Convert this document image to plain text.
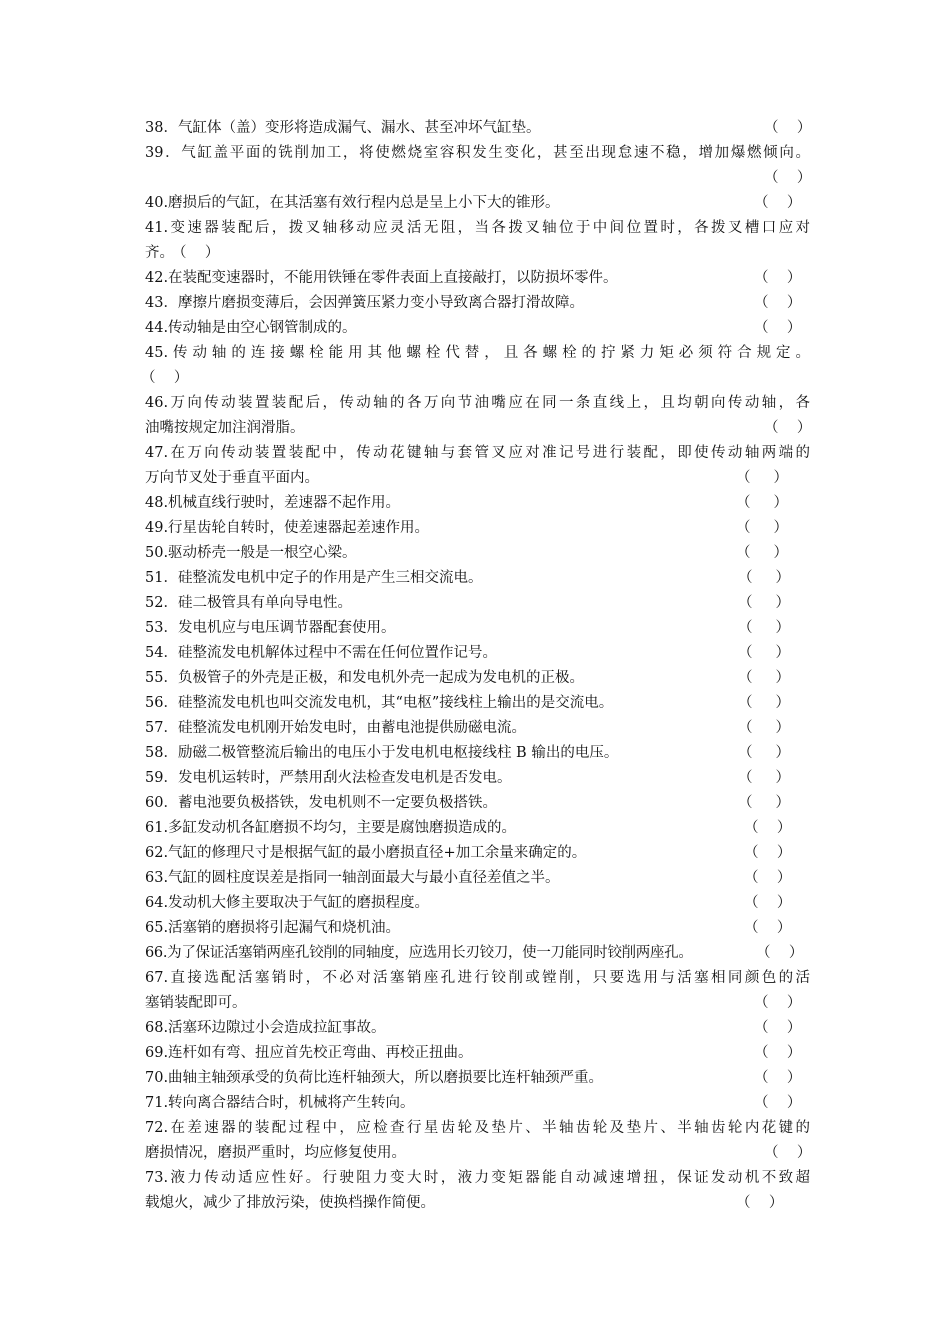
38．气缸体（盖）变形将造成漏气、漏水、甚至冲坏气缸垫。	（    ）
39．气缸盖平面的铣削加工，将使燃烧室容积发生变化，甚至出现怠速不稳，增加爆燃倾向。
（    ）
40.磨损后的气缸，在其活塞有效行程内总是呈上小下大的锥形。	（    ）
41.变速器装配后，拨叉轴移动应灵活无阻，当各拨叉轴位于中间位置时，各拨叉槽口应对
齐。
（    ）
42.在装配变速器时，不能用铁锤在零件表面上直接敲打，以防损坏零件。	（    ）
43．摩擦片磨损变薄后，会因弹簧压紧力变小导致离合器打滑故障。	（    ）
44.传动轴是由空心钢管制成的。	（    ）
45.传动轴的连接螺栓能用其他螺栓代替，且各螺栓的拧紧力矩必须符合规定。
（    ）
46.万向传动装置装配后，传动轴的各万向节油嘴应在同一条直线上，且均朝向传动轴，各
油嘴按规定加注润滑脂。	（    ）
47.在万向传动装置装配中，传动花键轴与套管叉应对准记号进行装配，即使传动轴两端的
万向节叉处于垂直平面内。	（     ）
48.机械直线行驶时，差速器不起作用。	（     ）
49.行星齿轮自转时，使差速器起差速作用。	（     ）
50.驱动桥壳一般是一根空心梁。	（     ）
51．硅整流发电机中定子的作用是产生三相交流电。	（     ）
52．硅二极管具有单向导电性。	（     ）
53．发电机应与电压调节器配套使用。	（     ）
54．硅整流发电机解体过程中不需在任何位置作记号。	（     ）
55．负极管子的外壳是正极，和发电机外壳一起成为发电机的正极。	（     ）
56．硅整流发电机也叫交流发电机，其“电枢”接线柱上输出的是交流电。	（     ）
57．硅整流发电机刚开始发电时，由蓄电池提供励磁电流。	（     ）
58．励磁二极管整流后输出的电压小于发电机电枢接线柱 B 输出的电压。	（     ）
59．发电机运转时，严禁用刮火法检查发电机是否发电。	（     ）
60．蓄电池要负极搭铁，发电机则不一定要负极搭铁。	（     ）
61.多缸发动机各缸磨损不均匀，主要是腐蚀磨损造成的。	（    ）
62.气缸的修理尺寸是根据气缸的最小磨损直径+加工余量来确定的。	（    ）
63.气缸的圆柱度误差是指同一轴剖面最大与最小直径差值之半。	（    ）
64.发动机大修主要取决于气缸的磨损程度。	（    ）
65.活塞销的磨损将引起漏气和烧机油。	（    ）
66.为了保证活塞销两座孔铰削的同轴度，应选用长刃铰刀，使一刀能同时铰削两座孔。	（    ）
67.直接选配活塞销时，不必对活塞销座孔进行铰削或镗削，只要选用与活塞相同颜色的活
塞销装配即可。	（    ）
68.活塞环边隙过小会造成拉缸事故。	（    ）
69.连杆如有弯、扭应首先校正弯曲、再校正扭曲。	（    ）
70.曲轴主轴颈承受的负荷比连杆轴颈大，所以磨损要比连杆轴颈严重。	（    ）
71.转向离合器结合时，机械将产生转向。	（    ）
72.在差速器的装配过程中，应检查行星齿轮及垫片、半轴齿轮及垫片、半轴齿轮内花键的
磨损情况，磨损严重时，均应修复使用。	（    ）
73.液力传动适应性好。行驶阻力变大时，液力变矩器能自动减速增扭，保证发动机不致超
载熄火，减少了排放污染，使换档操作简便。	（    ）
